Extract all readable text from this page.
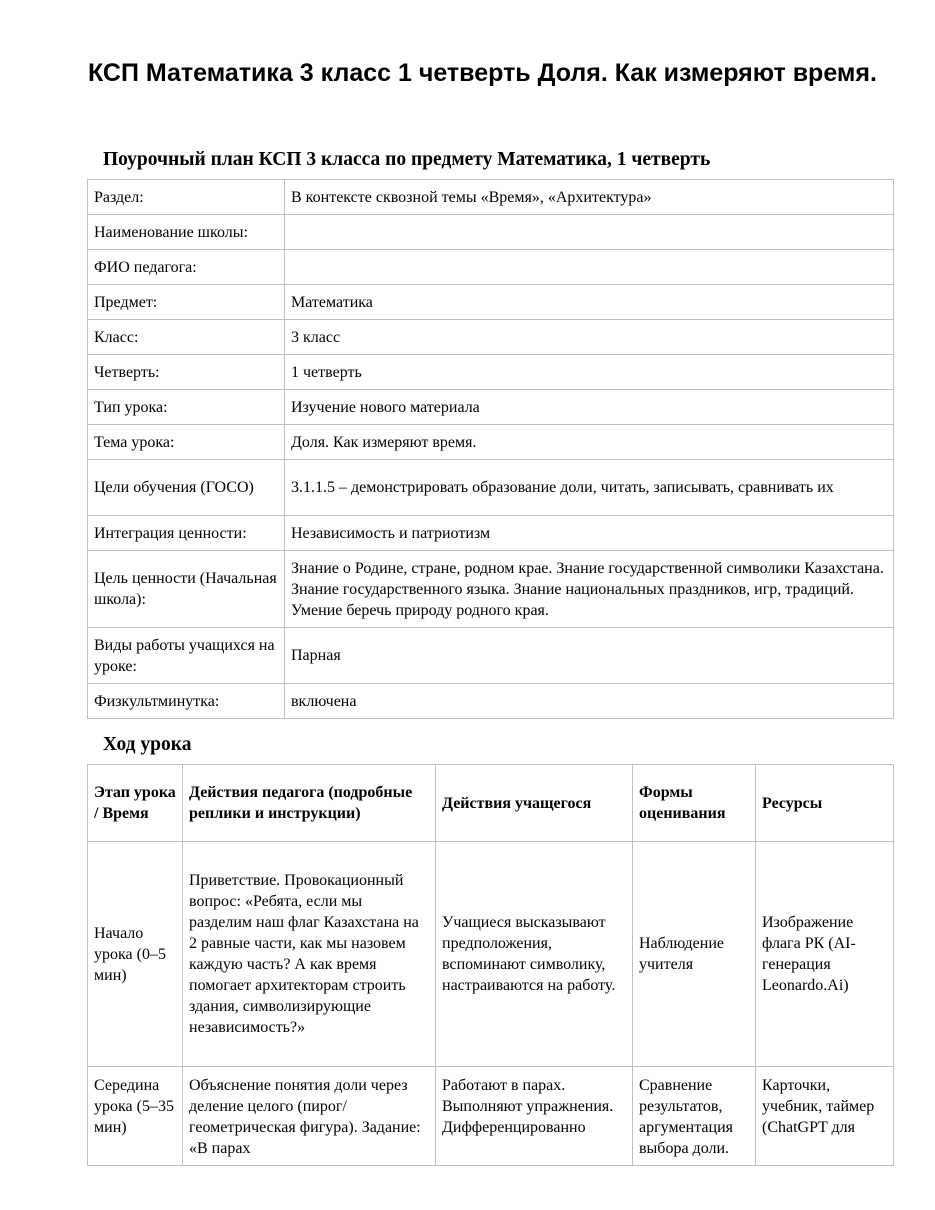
КСП Математика 3 класс 1 четверть Доля. Как измеряют время.
Поурочный план КСП 3 класса по предмету Математика, 1 четверть
Раздел:	В контексте сквозной темы «Время», «Архитектура»
Наименование школы:	
ФИО педагога:	
Предмет:	Математика
Класс:	3 класс
Четверть:	1 четверть
Тип урока:	Изучение нового материала
Тема урока:	Доля. Как измеряют время.
Цели обучения (ГОСО)	3.1.1.5 – демонстрировать образование доли, читать, записывать, сравнивать их
Интеграция ценности:	Независимость и патриотизм
Цель ценности (Начальная школа):	Знание о Родине, стране, родном крае. Знание государственной символики Казахстана. Знание государственного языка. Знание национальных праздников, игр, традиций. Умение беречь природу родного края.
Виды работы учащихся на уроке:	Парная
Физкультминутка:	включена
Ход урока
Этап урока / Время	Действия педагога (подробные реплики и инструкции)	Действия учащегося	Формы оценивания	Ресурсы
Начало урока (0–5 мин)	Приветствие. Провокационный вопрос: «Ребята, если мы разделим наш флаг Казахстана на 2 равные части, как мы назовем каждую часть? А как время помогает архитекторам строить здания, символизирующие независимость?»	Учащиеся высказывают предположения, вспоминают символику, настраиваются на работу.	Наблюдение учителя	Изображение флага РК (AI-генерация Leonardo.Ai)
Середина урока (5–35 мин)	Объяснение понятия доли через деление целого (пирог/геометрическая фигура). Задание: «В парах	Работают в парах. Выполняют упражнения. Дифференцированно	Сравнение результатов, аргументация выбора доли.	Карточки, учебник, таймер (ChatGPT для
